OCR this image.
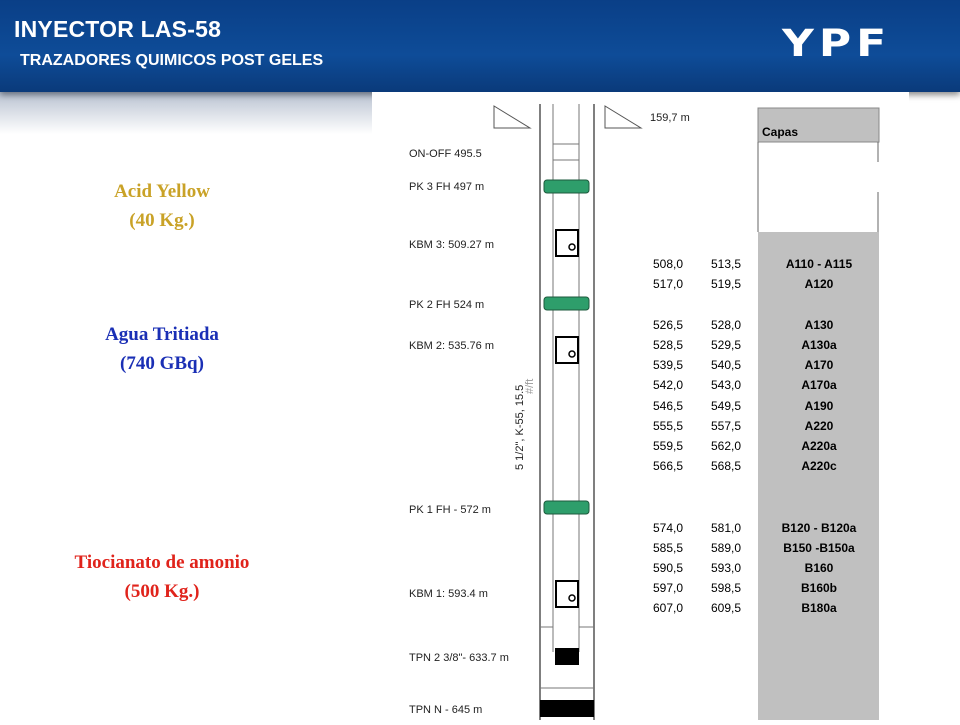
INYECTOR LAS-58
TRAZADORES QUIMICOS POST GELES	YPF
Acid Yellow
(40 Kg.)
Agua Tritiada
(740 GBq)
Tiocianato de amonio
(500 Kg.)
Capas
159,7 m
ON-OFF 495.5
PK 3 FH 497 m
KBM 3: 509.27 m
PK 2 FH 524 m
KBM 2: 535.76 m
PK 1 FH - 572 m
KBM 1: 593.4 m
TPN 2 3/8"- 633.7 m
TPN N - 645 m
5 1/2", K-55, 15.5
#/ft
508,0 513,5	A110 - A115
517,0 519,5	A120
526,5 528,0	A130
528,5 529,5	A130a
539,5 540,5	A170
542,0 543,0	A170a
546,5 549,5	A190
555,5 557,5	A220
559,5 562,0	A220a
566,5 568,5	A220c
574,0 581,0	B120 - B120a
585,5 589,0	B150 -B150a
590,5 593,0	B160
597,0 598,5	B160b
607,0 609,5	B180a
